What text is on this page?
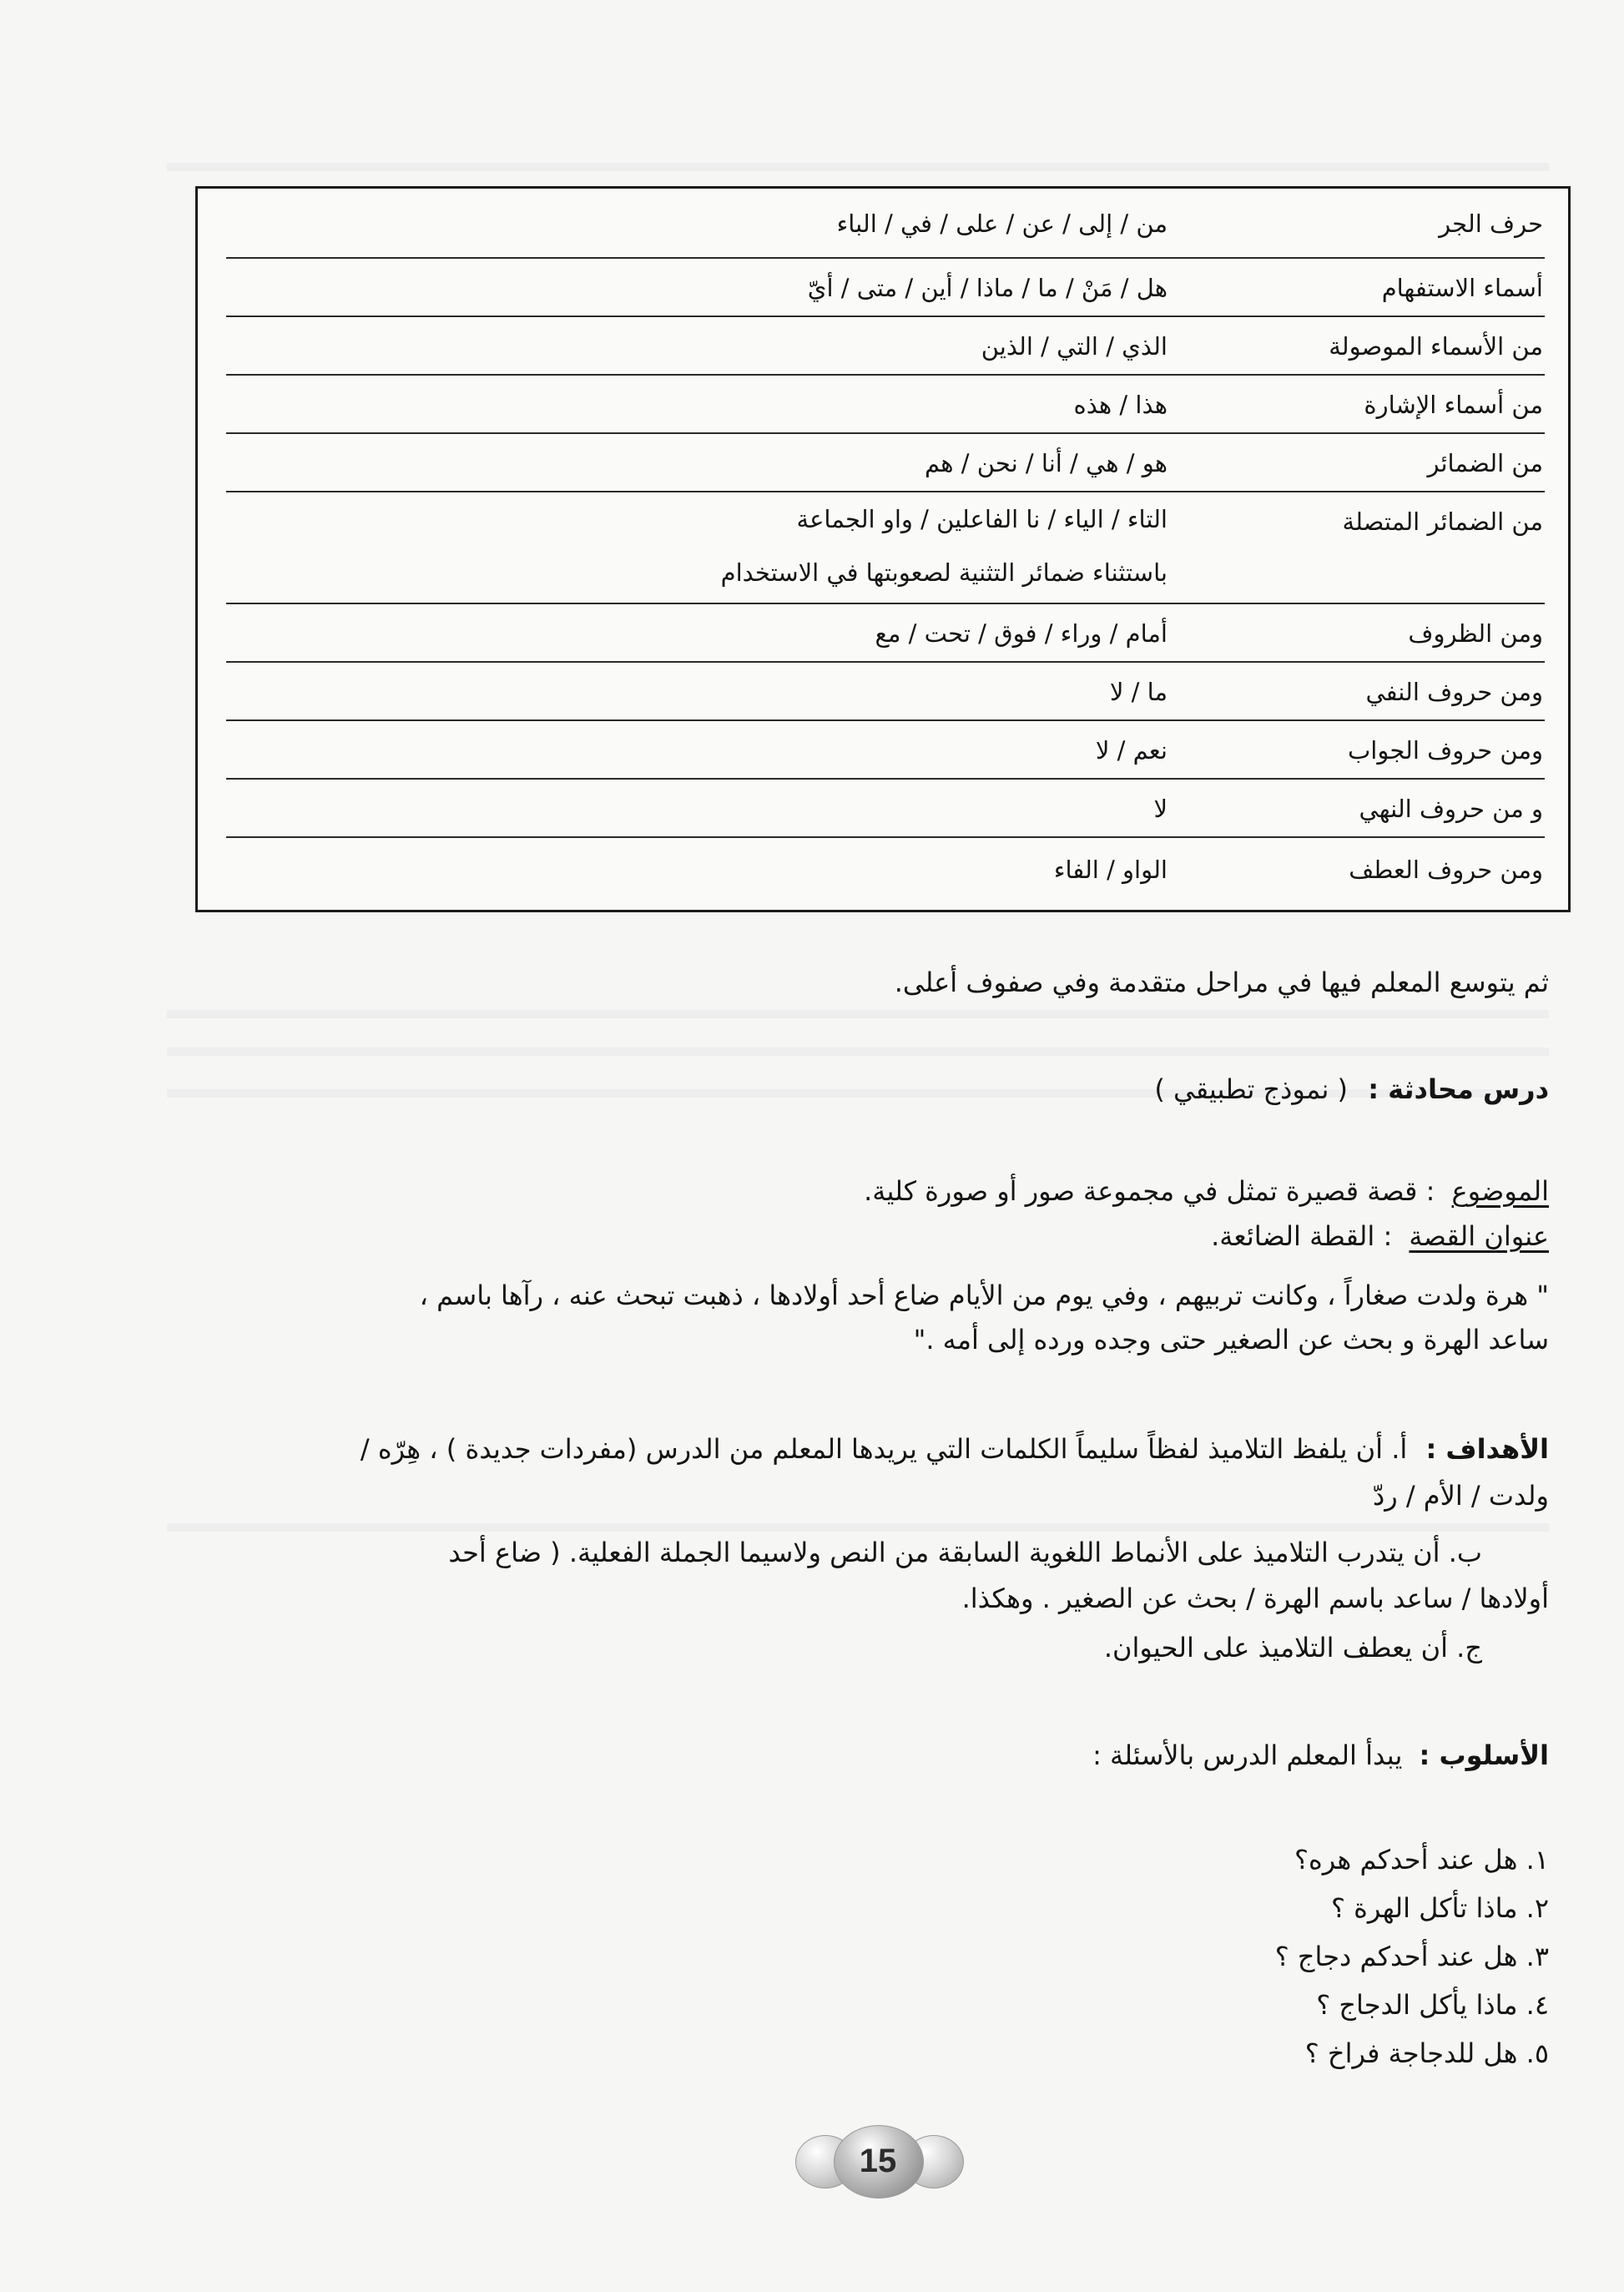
حرف الجر
من / إلى / عن / على / في / الباء
أسماء الاستفهام
هل / مَنْ / ما / ماذا / أين / متى / أيّ
من الأسماء الموصولة
الذي / التي / الذين
من أسماء الإشارة
هذا / هذه
من الضمائر
هو / هي / أنا / نحن / هم
من الضمائر المتصلة
التاء / الياء / نا الفاعلين / واو الجماعة
باستثناء ضمائر التثنية لصعوبتها في الاستخدام
ومن الظروف
أمام / وراء / فوق / تحت / مع
ومن حروف النفي
ما / لا
ومن حروف الجواب
نعم / لا
و من حروف النهي
لا
ومن حروف العطف
الواو / الفاء
ثم يتوسع المعلم فيها في مراحل متقدمة وفي صفوف أعلى.
درس محادثة : ( نموذج تطبيقي )
الموضوع : قصة قصيرة تمثل في مجموعة صور أو صورة كلية.
عنوان القصة : القطة الضائعة.
" هرة ولدت صغاراً ، وكانت تربيهم ، وفي يوم من الأيام ضاع أحد أولادها ، ذهبت تبحث عنه ، رآها باسم ،
ساعد الهرة و بحث عن الصغير حتى وجده ورده إلى أمه ."
الأهداف : أ. أن يلفظ التلاميذ لفظاً سليماً الكلمات التي يريدها المعلم من الدرس (مفردات جديدة ) ، هِرّه /
ولدت / الأم / ردّ
ب. أن يتدرب التلاميذ على الأنماط اللغوية السابقة من النص ولاسيما الجملة الفعلية. ( ضاع أحد
أولادها / ساعد باسم الهرة / بحث عن الصغير . وهكذا.
ج. أن يعطف التلاميذ على الحيوان.
الأسلوب : يبدأ المعلم الدرس بالأسئلة :
١. هل عند أحدكم هره؟
٢. ماذا تأكل الهرة ؟
٣. هل عند أحدكم دجاج ؟
٤. ماذا يأكل الدجاج ؟
٥. هل للدجاجة فراخ ؟
15
